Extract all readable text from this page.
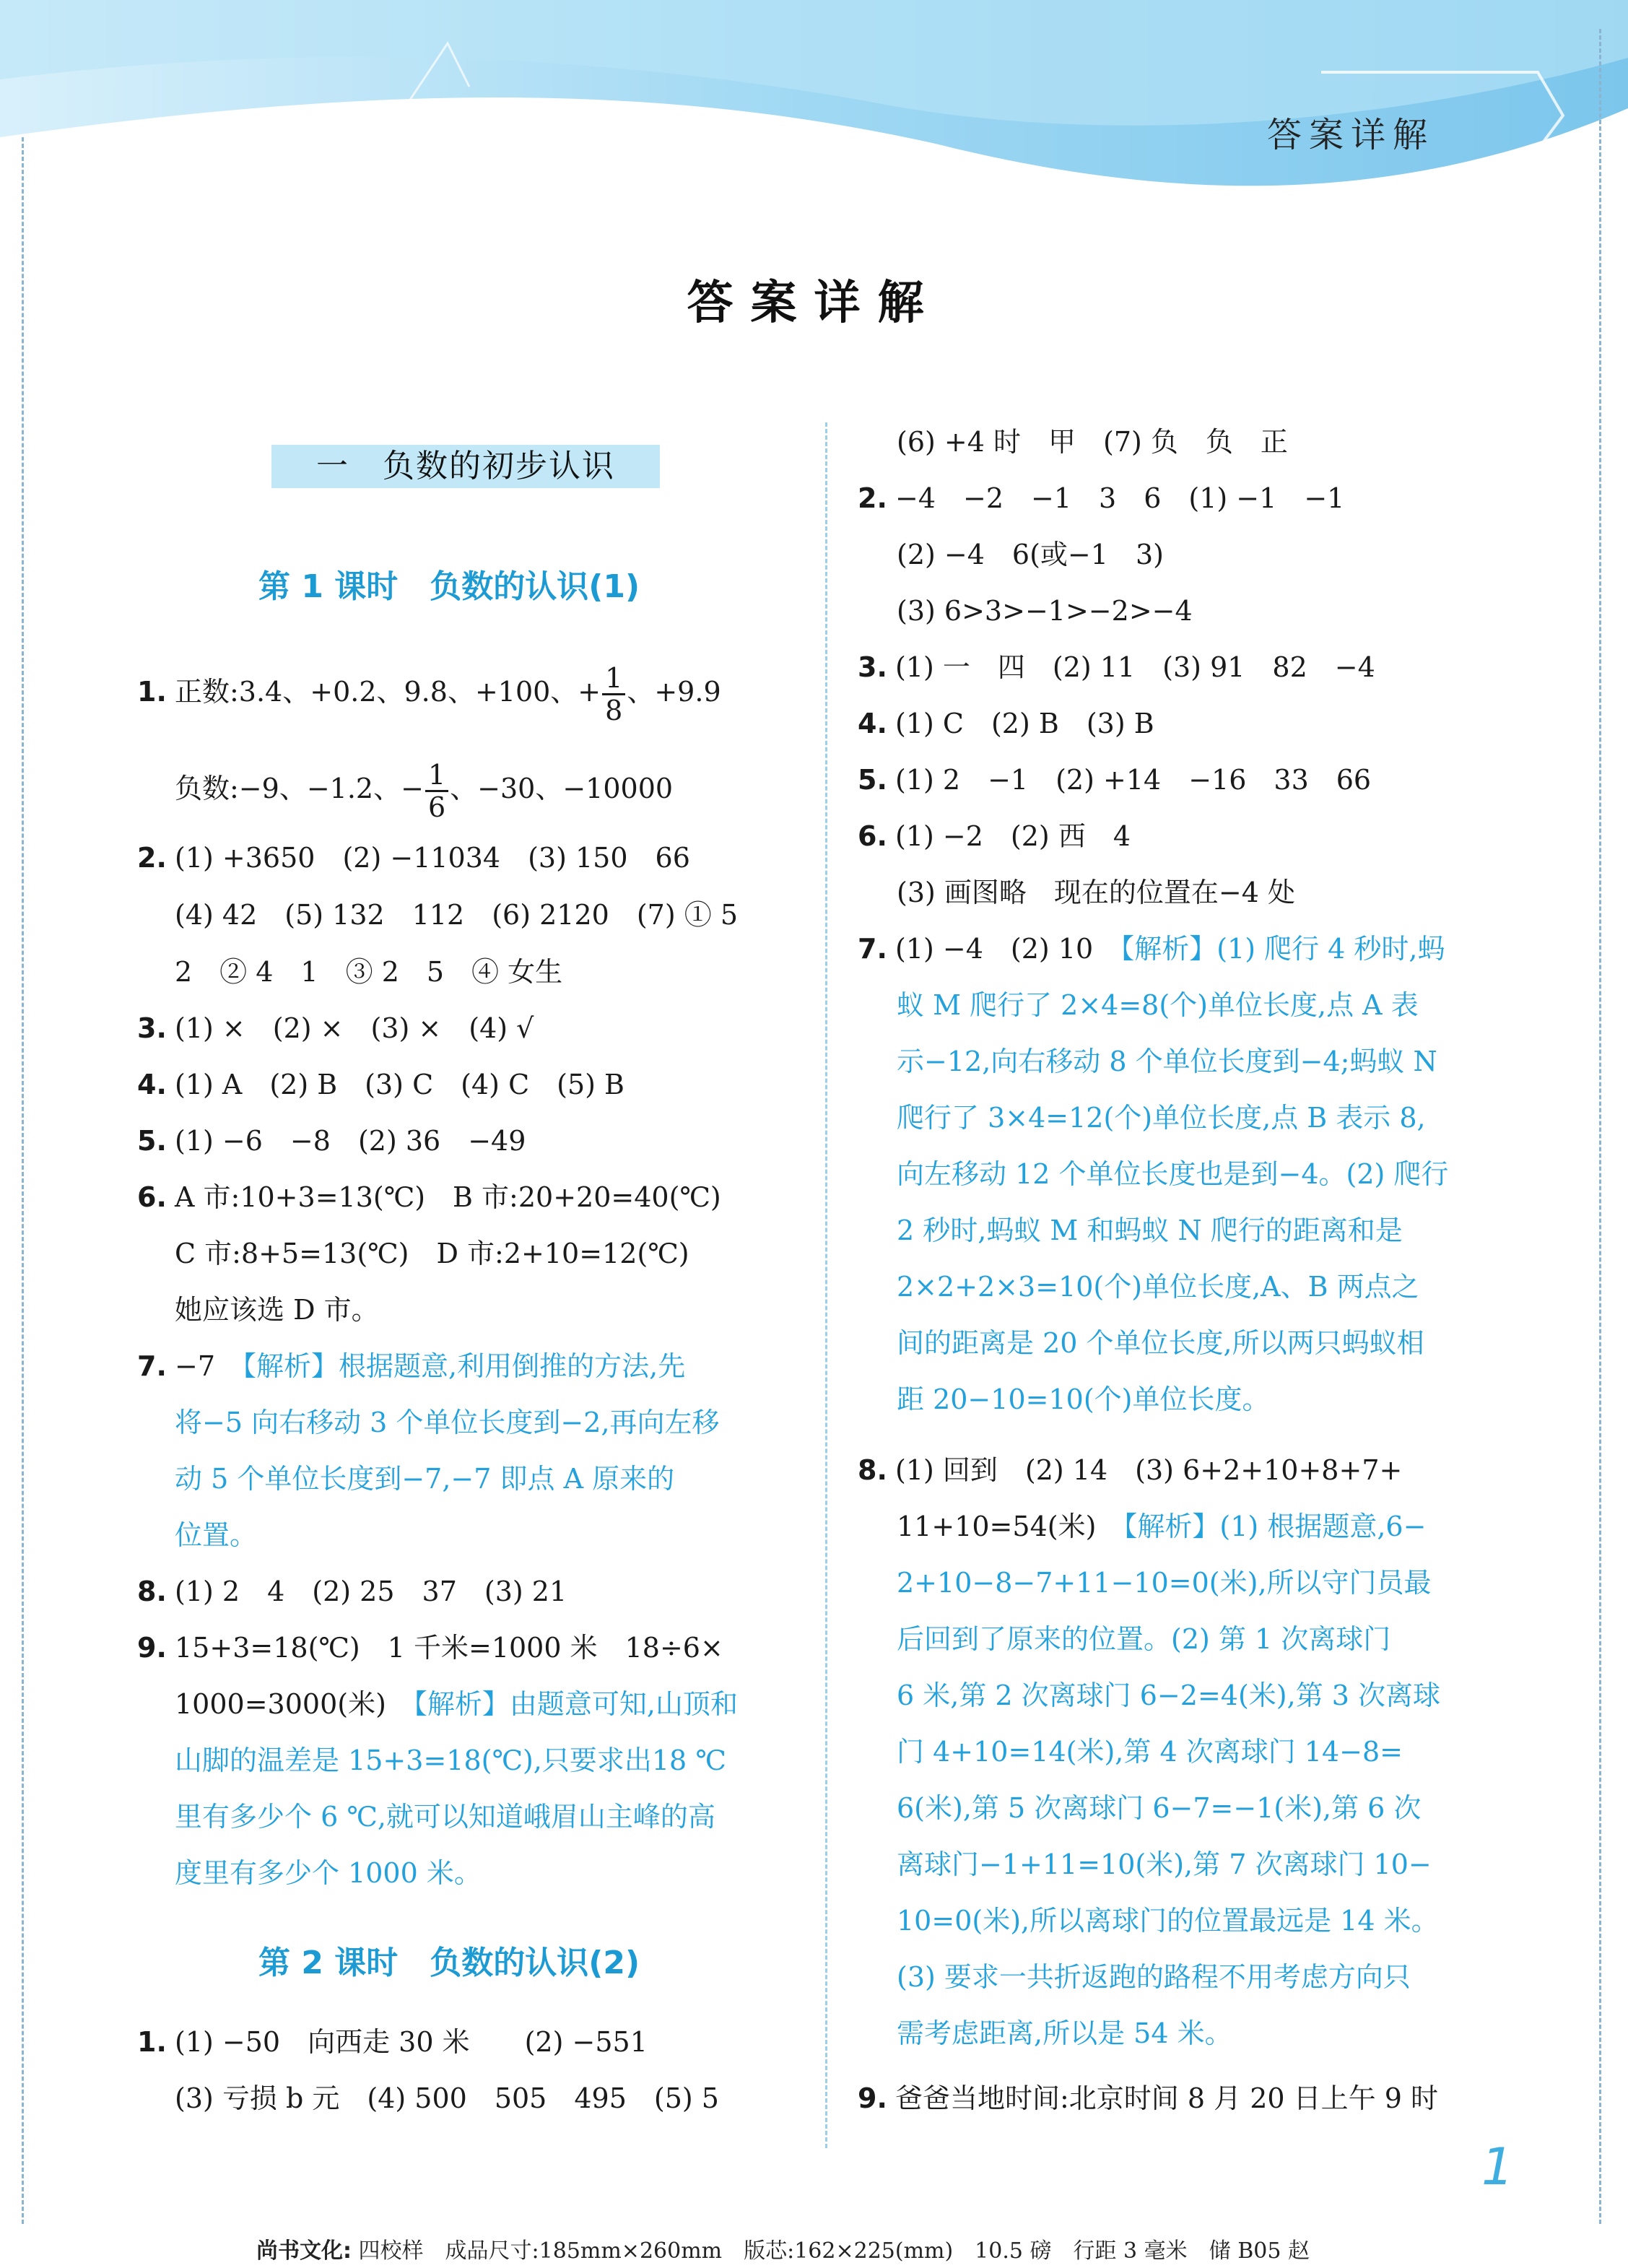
答案详解
答案详解
一　负数的初步认识
第 1 课时　负数的认识(1)
1. 正数:3.4、+0.2、9.8、+100、+ $\frac{1}{8}$ 、+9.9
负数:−9、−1.2、− $\frac{1}{6}$ 、−30、−10000
2. (1) +3650　(2) −11034　(3) 150　66
(4) 42　(5) 132　112　(6) 2120　(7) ① 5
2　② 4　1　③ 2　5　④ 女生
3. (1) ×　(2) ×　(3) ×　(4) √
4. (1) A　(2) B　(3) C　(4) C　(5) B
5. (1) −6　−8　(2) 36　−49
6. A 市:10+3=13(℃)　B 市:20+20=40(℃)
C 市:8+5=13(℃)　D 市:2+10=12(℃)
她应该选 D 市。
7. −7　【解析】根据题意,利用倒推的方法,先
将−5 向右移动 3 个单位长度到−2,再向左移
动 5 个单位长度到−7,−7 即点 A 原来的
位置。
8. (1) 2　4　(2) 25　37　(3) 21
9. 15+3=18(℃)　1 千米=1000 米　18÷6×
1000=3000(米)　【解析】由题意可知,山顶和
山脚的温差是 15+3=18(℃),只要求出18 ℃
里有多少个 6 ℃,就可以知道峨眉山主峰的高
度里有多少个 1000 米。
第 2 课时　负数的认识(2)
1. (1) −50　向西走 30 米　　(2) −551
(3) 亏损 b 元　(4) 500　505　495　(5) 5
(6) +4 时　甲　(7) 负　负　正
2. −4　−2　−1　3　6　(1) −1　−1
(2) −4　6(或−1　3)
(3) 6>3>−1>−2>−4
3. (1) 一　四　(2) 11　(3) 91　82　−4
4. (1) C　(2) B　(3) B
5. (1) 2　−1　(2) +14　−16　33　66
6. (1) −2　(2) 西　4
(3) 画图略　现在的位置在−4 处
7. (1) −4　(2) 10　【解析】(1) 爬行 4 秒时,蚂
蚁 M 爬行了 2×4=8(个)单位长度,点 A 表
示−12,向右移动 8 个单位长度到−4;蚂蚁 N
爬行了 3×4=12(个)单位长度,点 B 表示 8,
向左移动 12 个单位长度也是到−4。(2) 爬行
2 秒时,蚂蚁 M 和蚂蚁 N 爬行的距离和是
2×2+2×3=10(个)单位长度,A、B 两点之
间的距离是 20 个单位长度,所以两只蚂蚁相
距 20−10=10(个)单位长度。
8. (1) 回到　(2) 14　(3) 6+2+10+8+7+
11+10=54(米)　【解析】(1) 根据题意,6−
2+10−8−7+11−10=0(米),所以守门员最
后回到了原来的位置。(2) 第 1 次离球门
6 米,第 2 次离球门 6−2=4(米),第 3 次离球
门 4+10=14(米),第 4 次离球门 14−8=
6(米),第 5 次离球门 6−7=−1(米),第 6 次
离球门−1+11=10(米),第 7 次离球门 10−
10=0(米),所以离球门的位置最远是 14 米。
(3) 要求一共折返跑的路程不用考虑方向只
需考虑距离,所以是 54 米。
9. 爸爸当地时间:北京时间 8 月 20 日上午 9 时
1
尚书文化: 四校样　成品尺寸:185mm×260mm　版芯:162×225(mm)　10.5 磅　行距 3 毫米　储 B05 赵
